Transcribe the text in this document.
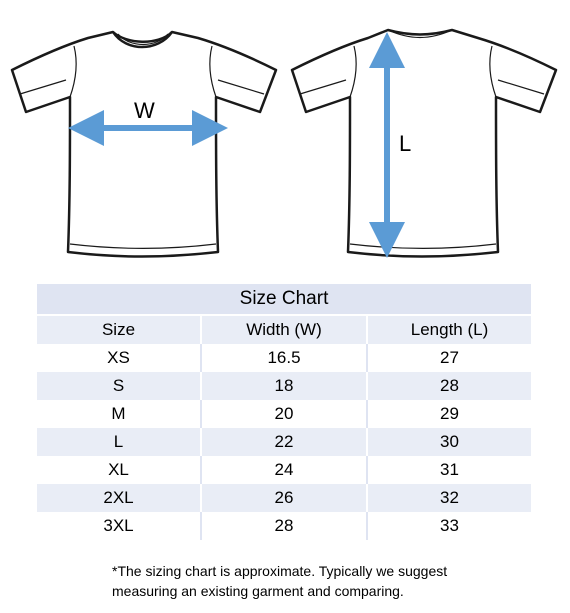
W
L
Size Chart		
Size	Width (W)	Length (L)
XS	16.5	27
S	18	28
M	20	29
L	22	30
XL	24	31
2XL	26	32
3XL	28	33
*The sizing chart is approximate. Typically we suggest
measuring an existing garment and comparing.
